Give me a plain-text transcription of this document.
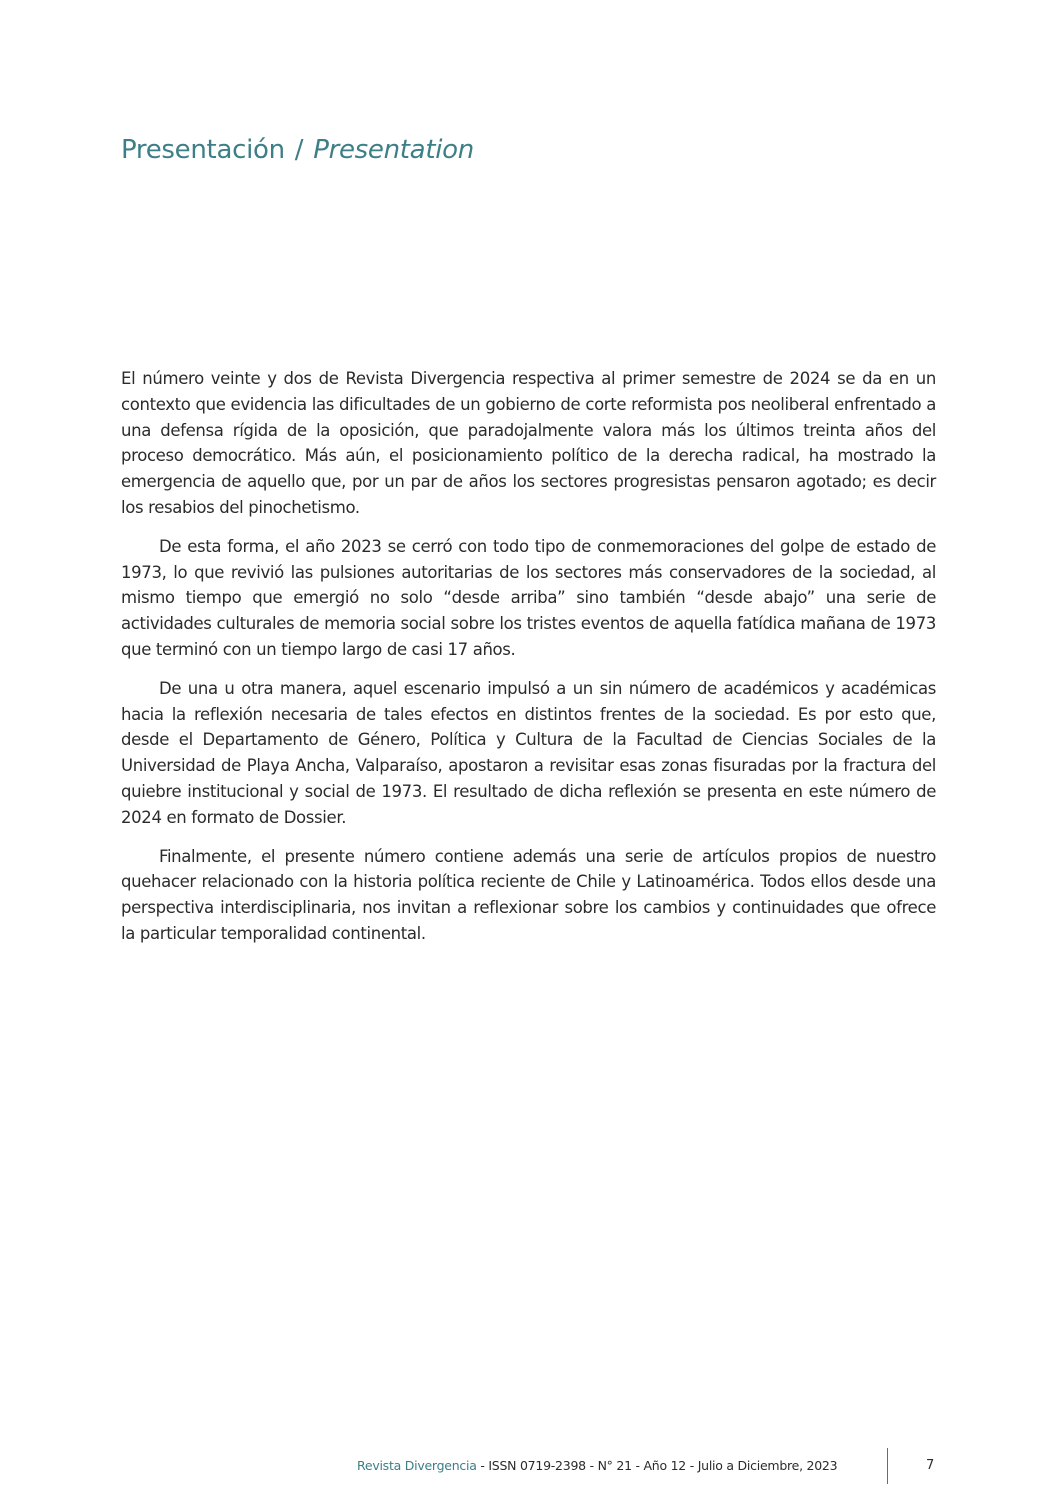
Presentación / Presentation

El número veinte y dos de Revista Divergencia respectiva al primer semestre de 2024 se da en un contexto que evidencia las dificultades de un gobierno de corte reformista pos neoliberal enfrentado a una defensa rígida de la oposición, que paradojalmente valora más los últimos treinta años del proceso democrático. Más aún, el posicionamiento político de la derecha radical, ha mostrado la emergencia de aquello que, por un par de años los sectores progresistas pensaron agotado; es decir los resabios del pinochetismo.

De esta forma, el año 2023 se cerró con todo tipo de conmemoraciones del golpe de estado de 1973, lo que revivió las pulsiones autoritarias de los sectores más conservadores de la sociedad, al mismo tiempo que emergió no solo “desde arriba” sino también “desde abajo” una serie de actividades culturales de memoria social sobre los tristes eventos de aquella fatídica mañana de 1973 que terminó con un tiempo largo de casi 17 años.

De una u otra manera, aquel escenario impulsó a un sin número de académicos y académicas hacia la reflexión necesaria de tales efectos en distintos frentes de la sociedad. Es por esto que, desde el Departamento de Género, Política y Cultura de la Facultad de Ciencias Sociales de la Universidad de Playa Ancha, Valparaíso, apostaron a revisitar esas zonas fisuradas por la fractura del quiebre institucional y social de 1973. El resultado de dicha reflexión se presenta en este número de 2024 en formato de Dossier.

Finalmente, el presente número contiene además una serie de artículos propios de nuestro quehacer relacionado con la historia política reciente de Chile y Latinoamérica. Todos ellos desde una perspectiva interdisciplinaria, nos invitan a reflexionar sobre los cambios y continuidades que ofrece la particular temporalidad continental.

Revista Divergencia - ISSN 0719-2398 - N° 21 - Año 12 - Julio a Diciembre, 2023	7
